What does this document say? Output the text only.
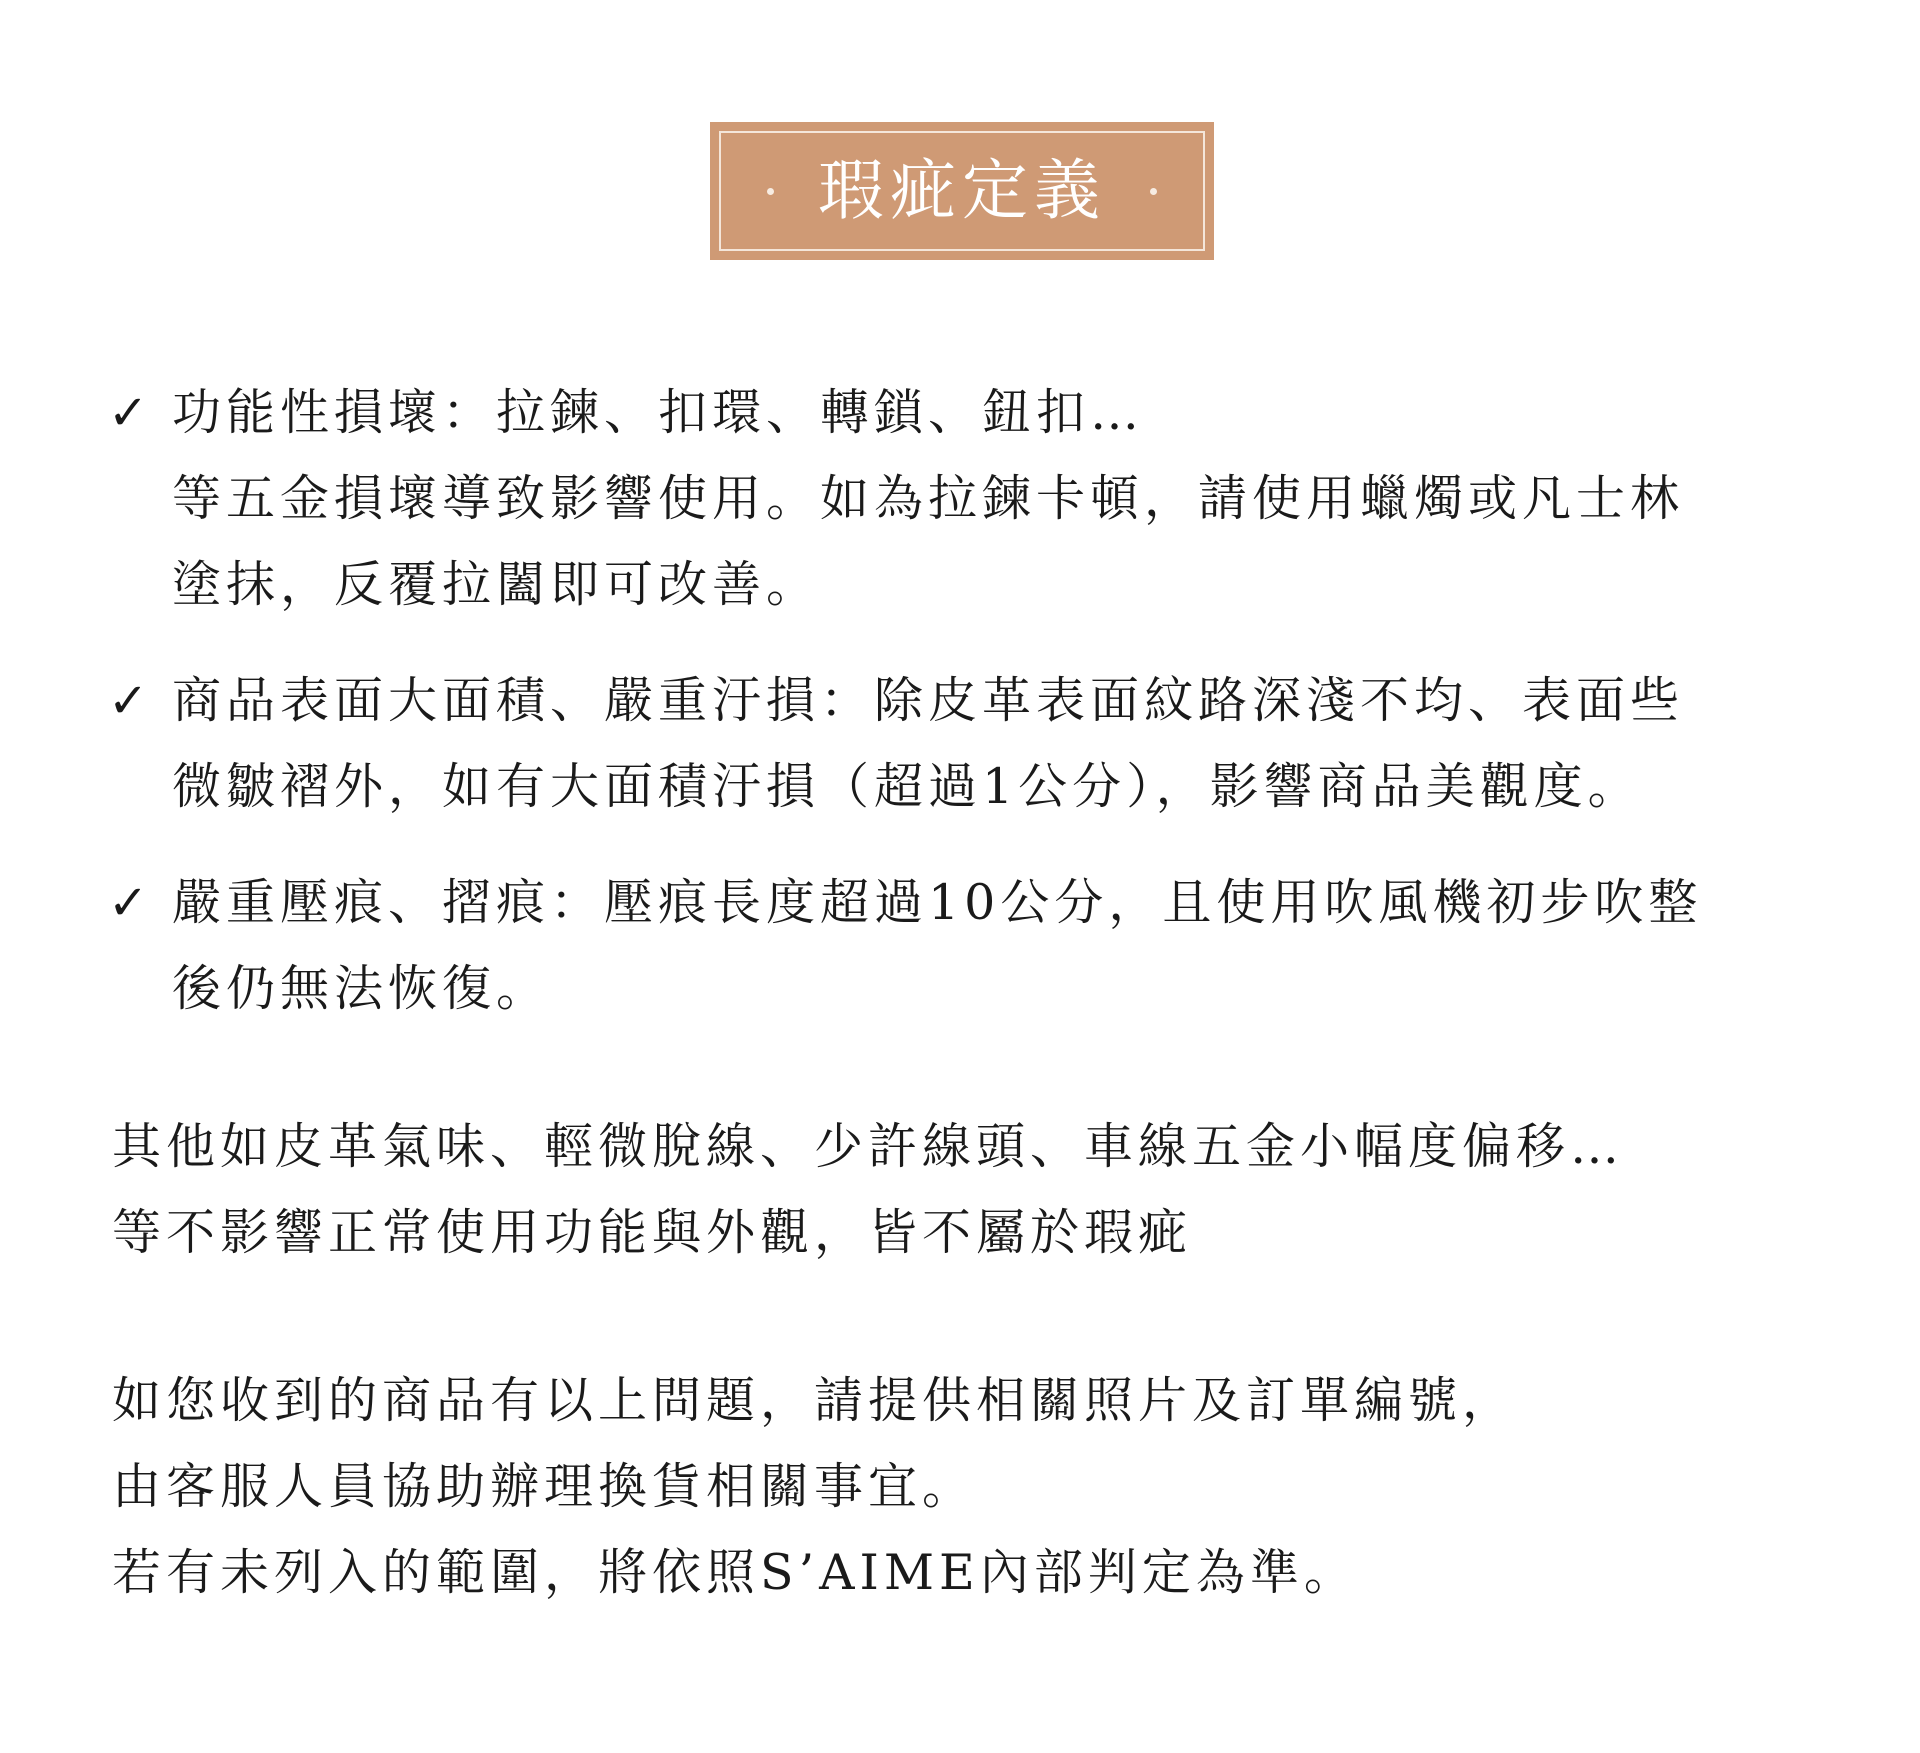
瑕疵定義
✓ 功能性損壞：拉鍊、扣環、轉鎖、鈕扣…
等五金損壞導致影響使用。如為拉鍊卡頓，請使用蠟燭或凡士林
塗抹，反覆拉闔即可改善。
✓ 商品表面大面積、嚴重汙損：除皮革表面紋路深淺不均、表面些
微皺褶外，如有大面積汙損（超過1公分），影響商品美觀度。
✓ 嚴重壓痕、摺痕：壓痕長度超過10公分，且使用吹風機初步吹整
後仍無法恢復。
其他如皮革氣味、輕微脫線、少許線頭、車線五金小幅度偏移…
等不影響正常使用功能與外觀，皆不屬於瑕疵
如您收到的商品有以上問題，請提供相關照片及訂單編號，
由客服人員協助辦理換貨相關事宜。
若有未列入的範圍，將依照S’AIME內部判定為準。
